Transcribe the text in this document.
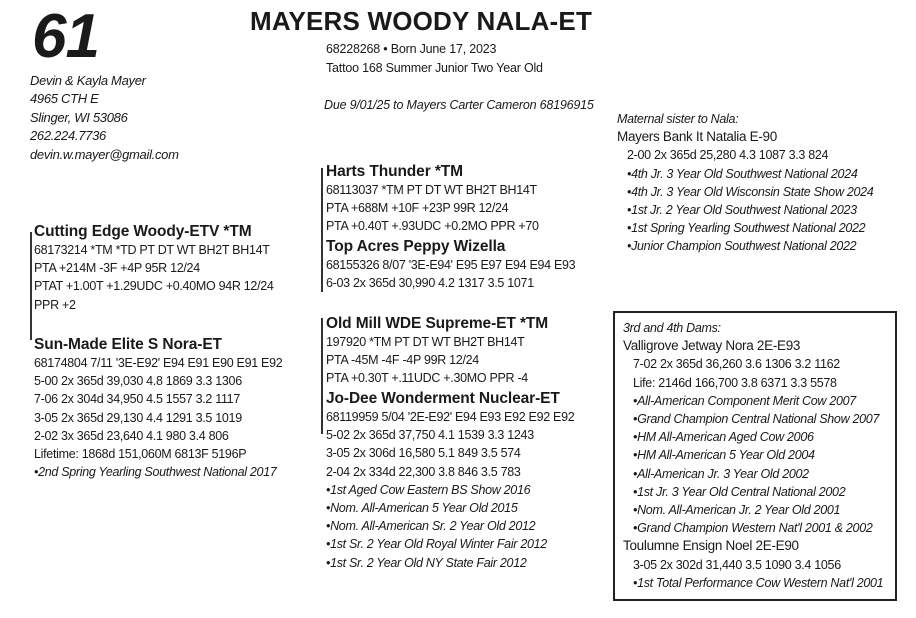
61	MAYERS WOODY NALA-ET
68228268 • Born June 17, 2023
Tattoo 168 Summer Junior Two Year Old
Due 9/01/25 to Mayers Carter Cameron 68196915
Devin & Kayla Mayer
4965 CTH E
Slinger, WI 53086
262.224.7736
devin.w.mayer@gmail.com
Cutting Edge Woody-ETV *TM
68173214 *TM *TD PT DT WT BH2T BH14T
PTA +214M -3F +4P 95R 12/24
PTAT +1.00T +1.29UDC +0.40MO 94R 12/24
PPR +2
Sun-Made Elite S Nora-ET
68174804 7/11 '3E-E92' E94 E91 E90 E91 E92
5-00 2x 365d 39,030 4.8 1869 3.3 1306
7-06 2x 304d 34,950 4.5 1557 3.2 1117
3-05 2x 365d 29,130 4.4 1291 3.5 1019
2-02 3x 365d 23,640 4.1 980 3.4 806
Lifetime: 1868d 151,060M 6813F 5196P
•2nd Spring Yearling Southwest National 2017
Harts Thunder *TM
68113037 *TM PT DT WT BH2T BH14T
PTA +688M +10F +23P 99R 12/24
PTA +0.40T +.93UDC +0.2MO PPR +70
Top Acres Peppy Wizella
68155326 8/07 '3E-E94' E95 E97 E94 E94 E93
6-03 2x 365d 30,990 4.2 1317 3.5 1071
Old Mill WDE Supreme-ET *TM
197920 *TM PT DT WT BH2T BH14T
PTA -45M -4F -4P 99R 12/24
PTA +0.30T +.11UDC +.30MO PPR -4
Jo-Dee Wonderment Nuclear-ET
68119959 5/04 '2E-E92' E94 E93 E92 E92 E92
5-02 2x 365d 37,750 4.1 1539 3.3 1243
3-05 2x 306d 16,580 5.1 849 3.5 574
2-04 2x 334d 22,300 3.8 846 3.5 783
•1st Aged Cow Eastern BS Show 2016
•Nom. All-American 5 Year Old 2015
•Nom. All-American Sr. 2 Year Old 2012
•1st Sr. 2 Year Old Royal Winter Fair 2012
•1st Sr. 2 Year Old NY State Fair 2012
Maternal sister to Nala:
Mayers Bank It Natalia E-90
2-00 2x 365d 25,280 4.3 1087 3.3 824
•4th Jr. 3 Year Old Southwest National 2024
•4th Jr. 3 Year Old Wisconsin State Show 2024
•1st Jr. 2 Year Old Southwest National 2023
•1st Spring Yearling Southwest National 2022
•Junior Champion Southwest National 2022
3rd and 4th Dams:
Valligrove Jetway Nora 2E-E93
7-02 2x 365d 36,260 3.6 1306 3.2 1162
Life: 2146d 166,700 3.8 6371 3.3 5578
•All-American Component Merit Cow 2007
•Grand Champion Central National Show 2007
•HM All-American Aged Cow 2006
•HM All-American 5 Year Old 2004
•All-American Jr. 3 Year Old 2002
•1st Jr. 3 Year Old Central National 2002
•Nom. All-American Jr. 2 Year Old 2001
•Grand Champion Western Nat'l 2001 & 2002
Toulumne Ensign Noel 2E-E90
3-05 2x 302d 31,440 3.5 1090 3.4 1056
•1st Total Performance Cow Western Nat'l 2001
